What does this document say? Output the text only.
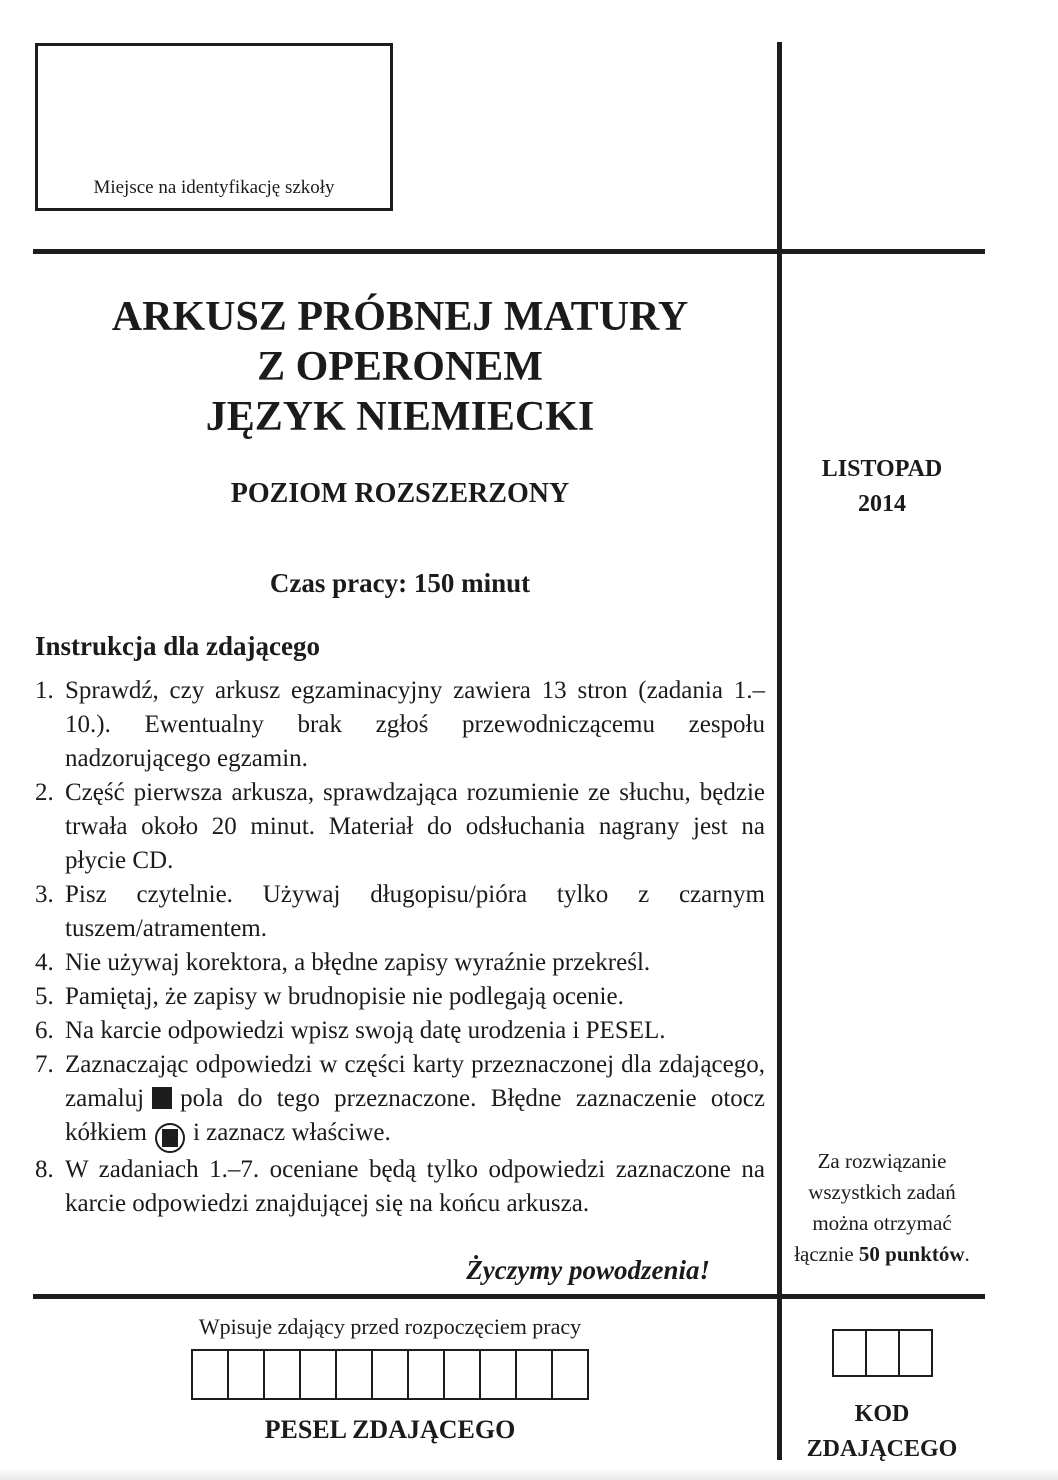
Miejsce na identyfikację szkoły
ARKUSZ PRÓBNEJ MATURY
Z OPERONEM
JĘZYK NIEMIECKI
POZIOM ROZSZERZONY
Czas pracy: 150 minut
Instrukcja dla zdającego
1. Sprawdź, czy arkusz egzaminacyjny zawiera 13 stron (zadania 1.–10.). Ewentualny brak zgłoś przewodniczącemu zespołu nadzorującego egzamin.
2. Część pierwsza arkusza, sprawdzająca rozumienie ze słuchu, będzie trwała około 20 minut. Materiał do odsłuchania nagrany jest na płycie CD.
3. Pisz czytelnie. Używaj długopisu/pióra tylko z czarnym tuszem/atramentem.
4. Nie używaj korektora, a błędne zapisy wyraźnie przekreśl.
5. Pamiętaj, że zapisy w brudnopisie nie podlegają ocenie.
6. Na karcie odpowiedzi wpisz swoją datę urodzenia i PESEL.
7. Zaznaczając odpowiedzi w części karty przeznaczonej dla zdającego, zamaluj pola do tego przeznaczone. Błędne zaznaczenie otocz kółkiem i zaznacz właściwe.
8. W zadaniach 1.–7. oceniane będą tylko odpowiedzi zaznaczone na karcie odpowiedzi znajdującej się na końcu arkusza.
Życzymy powodzenia!
LISTOPAD
2014
Za rozwiązanie wszystkich zadań można otrzymać łącznie 50 punktów.
KOD
ZDAJĄCEGO
Wpisuje zdający przed rozpoczęciem pracy
PESEL ZDAJĄCEGO
